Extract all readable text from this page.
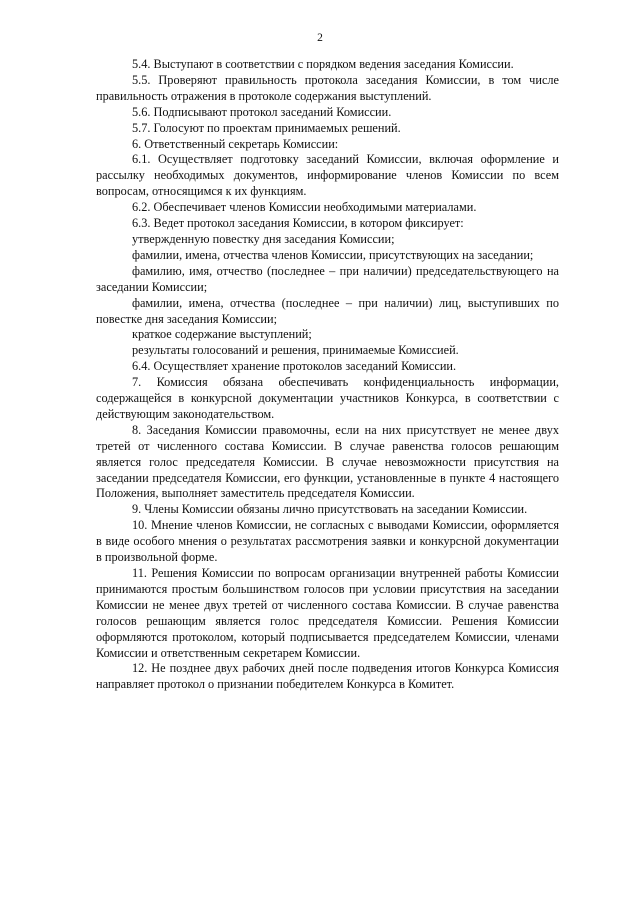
2

5.4. Выступают в соответствии с порядком ведения заседания Комиссии.

5.5. Проверяют правильность протокола заседания Комиссии, в том числе правильность отражения в протоколе содержания выступлений.

5.6. Подписывают протокол заседаний Комиссии.

5.7. Голосуют по проектам принимаемых решений.

6. Ответственный секретарь Комиссии:

6.1. Осуществляет подготовку заседаний Комиссии, включая оформление и рассылку необходимых документов, информирование членов Комиссии по всем вопросам, относящимся к их функциям.

6.2. Обеспечивает членов Комиссии необходимыми материалами.

6.3. Ведет протокол заседания Комиссии, в котором фиксирует:

утвержденную повестку дня заседания Комиссии;

фамилии, имена, отчества членов Комиссии, присутствующих на заседании;

фамилию, имя, отчество (последнее – при наличии) председательствующего на заседании Комиссии;

фамилии, имена, отчества (последнее – при наличии) лиц, выступивших по повестке дня заседания Комиссии;

краткое содержание выступлений;

результаты голосований и решения, принимаемые Комиссией.

6.4. Осуществляет хранение протоколов заседаний Комиссии.

7. Комиссия обязана обеспечивать конфиденциальность информации, содержащейся в конкурсной документации участников Конкурса, в соответствии с действующим законодательством.

8. Заседания Комиссии правомочны, если на них присутствует не менее двух третей от численного состава Комиссии. В случае равенства голосов решающим является голос председателя Комиссии. В случае невозможности присутствия на заседании председателя Комиссии, его функции, установленные в пункте 4 настоящего Положения, выполняет заместитель председателя Комиссии.

9. Члены Комиссии обязаны лично присутствовать на заседании Комиссии.

10. Мнение членов Комиссии, не согласных с выводами Комиссии, оформляется в виде особого мнения о результатах рассмотрения заявки и конкурсной документации в произвольной форме.

11. Решения Комиссии по вопросам организации внутренней работы Комиссии принимаются простым большинством голосов при условии присутствия на заседании Комиссии не менее двух третей от численного состава Комиссии. В случае равенства голосов решающим является голос председателя Комиссии. Решения Комиссии оформляются протоколом, который подписывается председателем Комиссии, членами Комиссии и ответственным секретарем Комиссии.

12. Не позднее двух рабочих дней после подведения итогов Конкурса Комиссия направляет протокол о признании победителем Конкурса в Комитет.
